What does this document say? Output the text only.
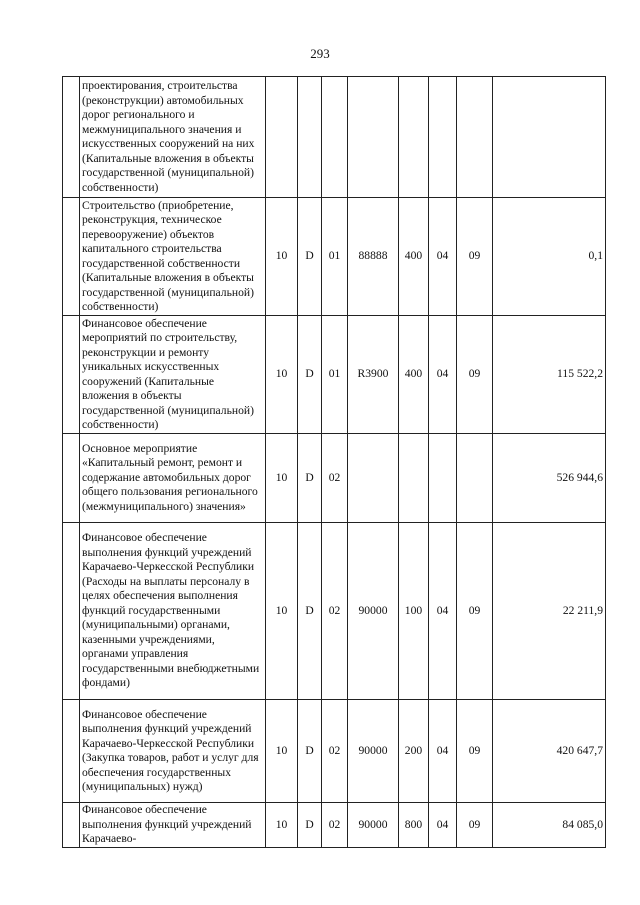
293

	проектирования, строительства (реконструкции) автомобильных дорог регионального и межмуниципального значения и искусственных сооружений на них (Капитальные вложения в объекты государственной (муниципальной) собственности)								

	Строительство (приобретение, реконструкция, техническое перевооружение) объектов капитального строительства государственной собственности (Капитальные вложения в объекты государственной (муниципальной) собственности)	10	D	01	88888	400	04	09	0,1

	Финансовое обеспечение мероприятий по строительству, реконструкции и ремонту уникальных искусственных сооружений (Капитальные вложения в объекты государственной (муниципальной) собственности)	10	D	01	R3900	400	04	09	115 522,2

	Основное мероприятие «Капитальный ремонт, ремонт и содержание автомобильных дорог общего пользования регионального (межмуниципального) значения»	10	D	02					526 944,6

	Финансовое обеспечение выполнения функций учреждений Карачаево-Черкесской Республики (Расходы на выплаты персоналу в целях обеспечения выполнения функций государственными (муниципальными) органами, казенными учреждениями, органами управления государственными внебюджетными фондами)	10	D	02	90000	100	04	09	22 211,9

	Финансовое обеспечение выполнения функций учреждений Карачаево-Черкесской Республики (Закупка товаров, работ и услуг для обеспечения государственных (муниципальных) нужд)	10	D	02	90000	200	04	09	420 647,7

	Финансовое обеспечение выполнения функций учреждений Карачаево-	10	D	02	90000	800	04	09	84 085,0
